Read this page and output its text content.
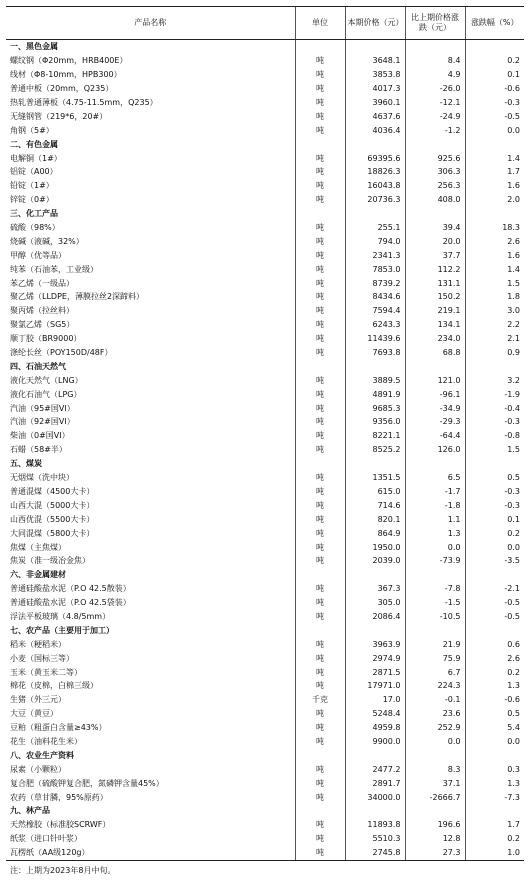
产品名称	单位	本期价格（元）	比上期价格涨跌（元）	涨跌幅（%）
一、黑色金属				
螺纹钢（Φ20mm，HRB400E）	吨	3648.1	8.4	0.2
线材（Φ8-10mm，HPB300）	吨	3853.8	4.9	0.1
普通中板（20mm，Q235）	吨	4017.3	-26.0	-0.6
热轧普通薄板（4.75-11.5mm，Q235）	吨	3960.1	-12.1	-0.3
无缝钢管（219*6，20#）	吨	4637.6	-24.9	-0.5
角钢（5#）	吨	4036.4	-1.2	0.0
二、有色金属				
电解铜（1#）	吨	69395.6	925.6	1.4
铝锭（A00）	吨	18826.3	306.3	1.7
铅锭（1#）	吨	16043.8	256.3	1.6
锌锭（0#）	吨	20736.3	408.0	2.0
三、化工产品				
硫酸（98%）	吨	255.1	39.4	18.3
烧碱（液碱，32%）	吨	794.0	20.0	2.6
甲醇（优等品）	吨	2341.3	37.7	1.6
纯苯（石油苯，工业级）	吨	7853.0	112.2	1.4
苯乙烯（一级品）	吨	8739.2	131.1	1.5
聚乙烯（LLDPE，薄膜拉丝2深蹄料）	吨	8434.6	150.2	1.8
聚丙烯（拉丝料）	吨	7594.4	219.1	3.0
聚氯乙烯（SG5）	吨	6243.3	134.1	2.2
顺丁胶（BR9000）	吨	11439.6	234.0	2.1
涤纶长丝（POY150D/48F）	吨	7693.8	68.8	0.9
四、石油天然气				
液化天然气（LNG）	吨	3889.5	121.0	3.2
液化石油气（LPG）	吨	4891.9	-96.1	-1.9
汽油（95#国VI）	吨	9685.3	-34.9	-0.4
汽油（92#国VI）	吨	9356.0	-29.3	-0.3
柴油（0#国VI）	吨	8221.1	-64.4	-0.8
石蜡（58#半）	吨	8525.2	126.0	1.5
五、煤炭				
无烟煤（洗中块）	吨	1351.5	6.5	0.5
普通混煤（4500大卡）	吨	615.0	-1.7	-0.3
山西大混（5000大卡）	吨	714.6	-1.8	-0.3
山西优混（5500大卡）	吨	820.1	1.1	0.1
大同混煤（5800大卡）	吨	864.9	1.3	0.2
焦煤（主焦煤）	吨	1950.0	0.0	0.0
焦炭（准一级冶金焦）	吨	2039.0	-73.9	-3.5
六、非金属建材				
普通硅酸盐水泥（P.O 42.5散装）	吨	367.3	-7.8	-2.1
普通硅酸盐水泥（P.O 42.5袋装）	吨	305.0	-1.5	-0.5
浮法平板玻璃（4.8/5mm）	吨	2086.4	-10.5	-0.5
七、农产品（主要用于加工）				
稻米（粳稻米）	吨	3963.9	21.9	0.6
小麦（国标三等）	吨	2974.9	75.9	2.6
玉米（黄玉米二等）	吨	2871.5	6.7	0.2
棉花（皮棉，白棉三级）	吨	17971.0	224.3	1.3
生猪（外三元）	千克	17.0	-0.1	-0.6
大豆（黄豆）	吨	5248.4	23.6	0.5
豆粕（粗蛋白含量≥43%）	吨	4959.8	252.9	5.4
花生（油料花生米）	吨	9900.0	0.0	0.0
八、农业生产资料				
尿素（小颗粒）	吨	2477.2	8.3	0.3
复合肥（硫酸钾复合肥，氮磷钾含量45%）	吨	2891.7	37.1	1.3
农药（草甘膦，95%原药）	吨	34000.0	-2666.7	-7.3
九、林产品				
天然橡胶（标准胶SCRWF）	吨	11893.8	196.6	1.7
纸浆（进口针叶浆）	吨	5510.3	12.8	0.2
瓦楞纸（AA级120g）	吨	2745.8	27.3	1.0
注：上期为2023年8月中旬。
